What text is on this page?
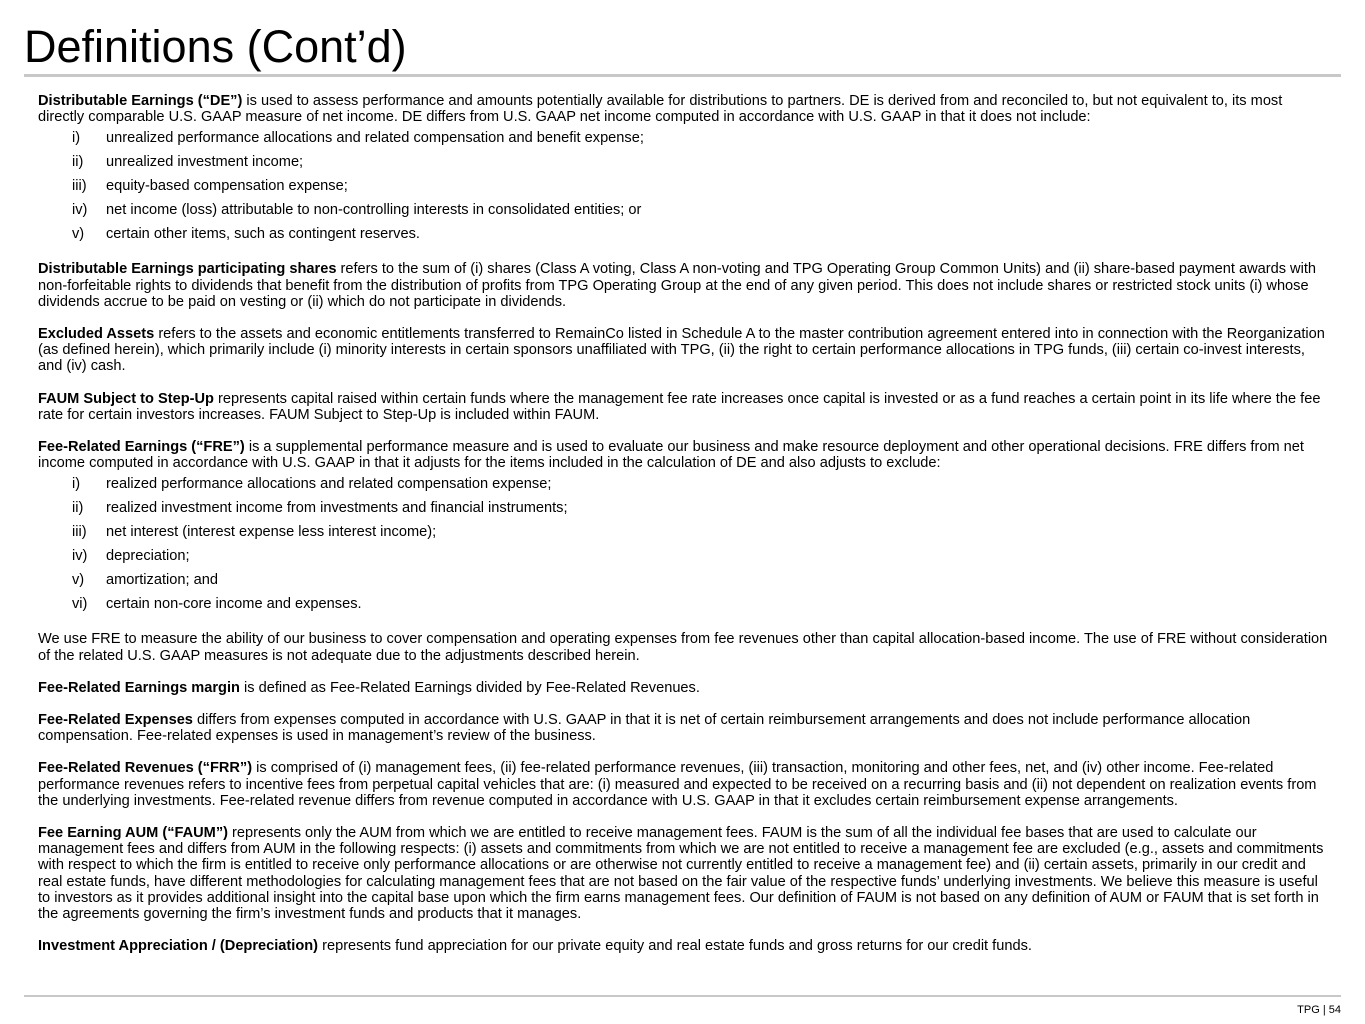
Definitions (Cont’d)

Distributable Earnings (“DE”) is used to assess performance and amounts potentially available for distributions to partners. DE is derived from and reconciled to, but not equivalent to, its most directly comparable U.S. GAAP measure of net income. DE differs from U.S. GAAP net income computed in accordance with U.S. GAAP in that it does not include:

i)	unrealized performance allocations and related compensation and benefit expense;
ii)	unrealized investment income;
iii)	equity-based compensation expense;
iv)	net income (loss) attributable to non-controlling interests in consolidated entities; or
v)	certain other items, such as contingent reserves.

Distributable Earnings participating shares refers to the sum of (i) shares (Class A voting, Class A non-voting and TPG Operating Group Common Units) and (ii) share-based payment awards with non-forfeitable rights to dividends that benefit from the distribution of profits from TPG Operating Group at the end of any given period. This does not include shares or restricted stock units (i) whose dividends accrue to be paid on vesting or (ii) which do not participate in dividends.

Excluded Assets refers to the assets and economic entitlements transferred to RemainCo listed in Schedule A to the master contribution agreement entered into in connection with the Reorganization (as defined herein), which primarily include (i) minority interests in certain sponsors unaffiliated with TPG, (ii) the right to certain performance allocations in TPG funds, (iii) certain co-invest interests, and (iv) cash.

FAUM Subject to Step-Up represents capital raised within certain funds where the management fee rate increases once capital is invested or as a fund reaches a certain point in its life where the fee rate for certain investors increases. FAUM Subject to Step-Up is included within FAUM.

Fee-Related Earnings (“FRE”) is a supplemental performance measure and is used to evaluate our business and make resource deployment and other operational decisions. FRE differs from net income computed in accordance with U.S. GAAP in that it adjusts for the items included in the calculation of DE and also adjusts to exclude:

i)	realized performance allocations and related compensation expense;
ii)	realized investment income from investments and financial instruments;
iii)	net interest (interest expense less interest income);
iv)	depreciation;
v)	amortization; and
vi)	certain non-core income and expenses.

We use FRE to measure the ability of our business to cover compensation and operating expenses from fee revenues other than capital allocation-based income. The use of FRE without consideration of the related U.S. GAAP measures is not adequate due to the adjustments described herein.

Fee-Related Earnings margin is defined as Fee-Related Earnings divided by Fee-Related Revenues.

Fee-Related Expenses differs from expenses computed in accordance with U.S. GAAP in that it is net of certain reimbursement arrangements and does not include performance allocation compensation. Fee-related expenses is used in management’s review of the business.

Fee-Related Revenues (“FRR”) is comprised of (i) management fees, (ii) fee-related performance revenues, (iii) transaction, monitoring and other fees, net, and (iv) other income. Fee-related performance revenues refers to incentive fees from perpetual capital vehicles that are: (i) measured and expected to be received on a recurring basis and (ii) not dependent on realization events from the underlying investments. Fee-related revenue differs from revenue computed in accordance with U.S. GAAP in that it excludes certain reimbursement expense arrangements.

Fee Earning AUM (“FAUM”) represents only the AUM from which we are entitled to receive management fees. FAUM is the sum of all the individual fee bases that are used to calculate our management fees and differs from AUM in the following respects: (i) assets and commitments from which we are not entitled to receive a management fee are excluded (e.g., assets and commitments with respect to which the firm is entitled to receive only performance allocations or are otherwise not currently entitled to receive a management fee) and (ii) certain assets, primarily in our credit and real estate funds, have different methodologies for calculating management fees that are not based on the fair value of the respective funds’ underlying investments. We believe this measure is useful to investors as it provides additional insight into the capital base upon which the firm earns management fees. Our definition of FAUM is not based on any definition of AUM or FAUM that is set forth in the agreements governing the firm’s investment funds and products that it manages.

Investment Appreciation / (Depreciation) represents fund appreciation for our private equity and real estate funds and gross returns for our credit funds.

TPG | 54
